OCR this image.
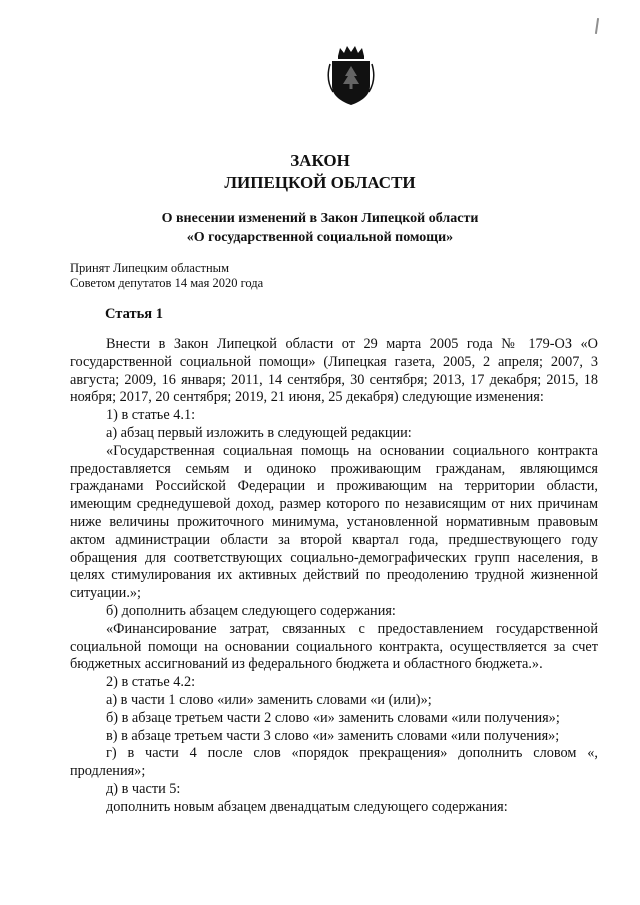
ЗАКОН
ЛИПЕЦКОЙ ОБЛАСТИ
О внесении изменений в Закон Липецкой области
«О государственной социальной помощи»
Принят Липецким областным
Советом депутатов 14 мая 2020 года
Статья 1

Внести в Закон Липецкой области от 29 марта 2005 года № 179-ОЗ «О государственной социальной помощи» (Липецкая газета, 2005, 2 апреля; 2007, 3 августа; 2009, 16 января; 2011, 14 сентября, 30 сентября; 2013, 17 декабря; 2015, 18 ноября; 2017, 20 сентября; 2019, 21 июня, 25 декабря) следующие изменения:

1) в статье 4.1:

а) абзац первый изложить в следующей редакции:

«Государственная социальная помощь на основании социального контракта предоставляется семьям и одиноко проживающим гражданам, являющимся гражданами Российской Федерации и проживающим на территории области, имеющим среднедушевой доход, размер которого по независящим от них причинам ниже величины прожиточного минимума, установленной нормативным правовым актом администрации области за второй квартал года, предшествующего году обращения для соответствующих социально-демографических групп населения, в целях стимулирования их активных действий по преодолению трудной жизненной ситуации.»;

б) дополнить абзацем следующего содержания:

«Финансирование затрат, связанных с предоставлением государственной социальной помощи на основании социального контракта, осуществляется за счет бюджетных ассигнований из федерального бюджета и областного бюджета.».

2) в статье 4.2:

а) в части 1 слово «или» заменить словами «и (или)»;

б) в абзаце третьем части 2 слово «и» заменить словами «или получения»;

в) в абзаце третьем части 3 слово «и» заменить словами «или получения»;

г) в части 4 после слов «порядок прекращения» дополнить словом «, продления»;

д) в части 5:

дополнить новым абзацем двенадцатым следующего содержания:
